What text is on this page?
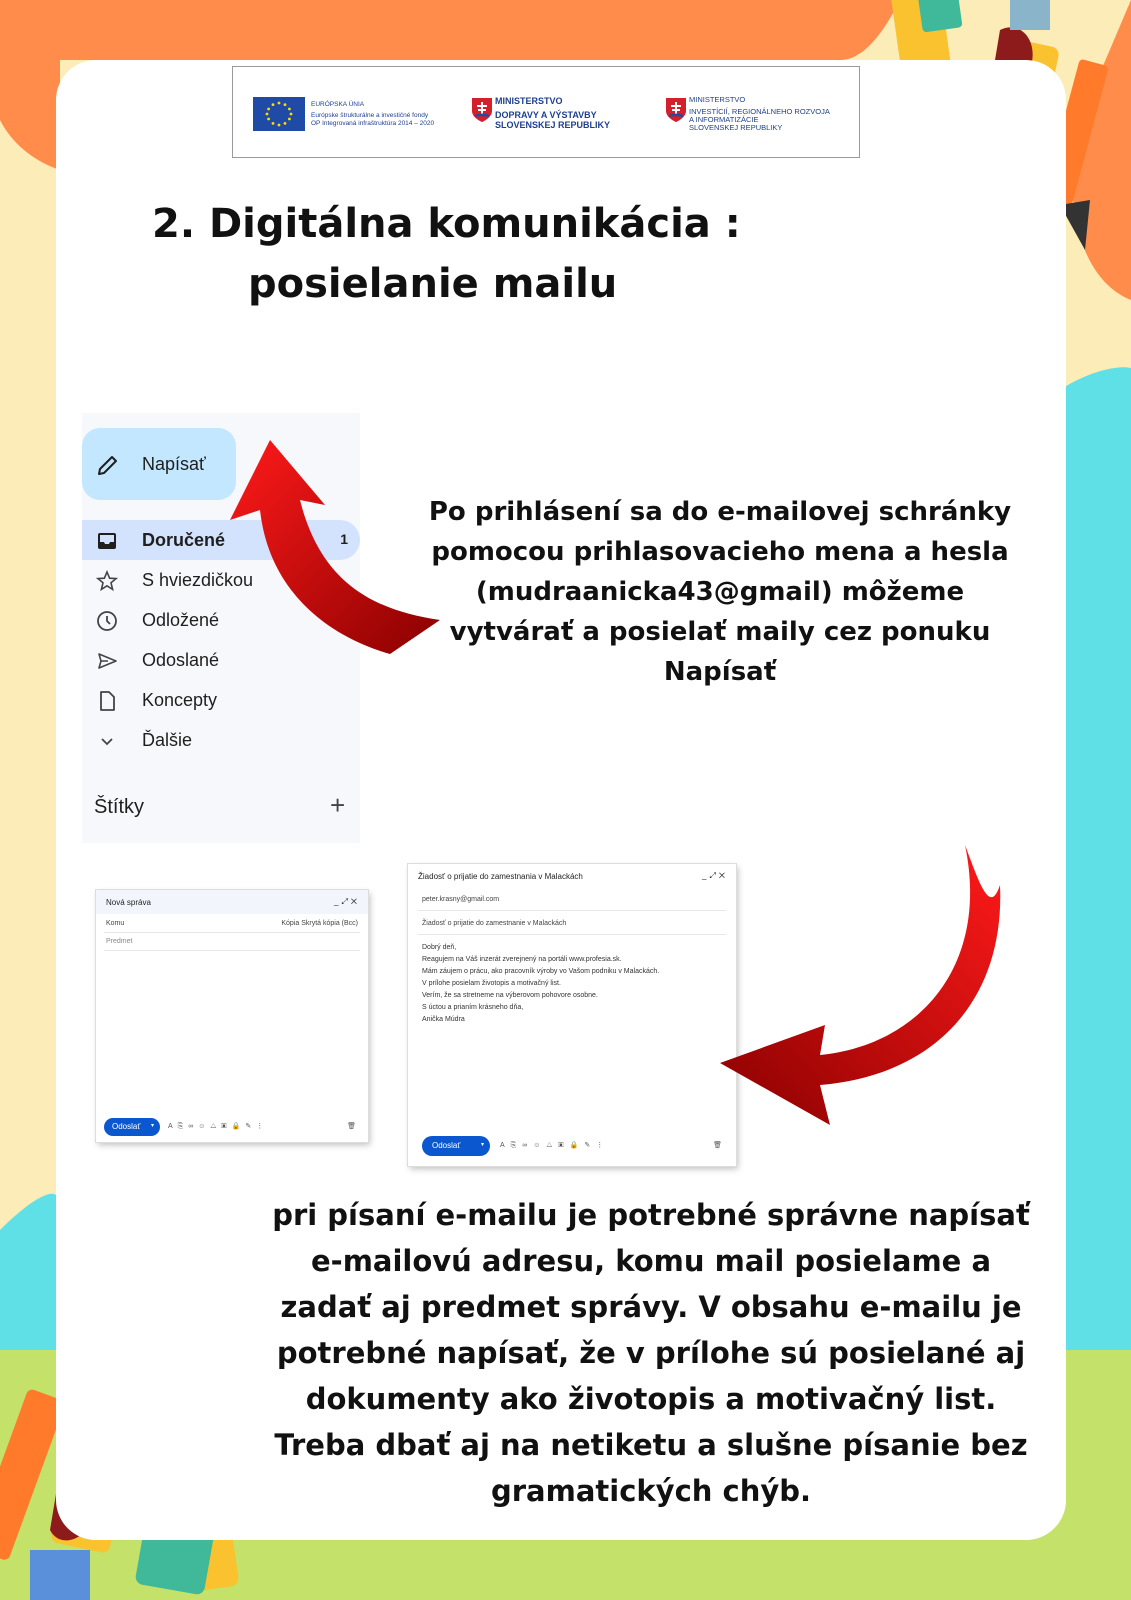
EURÓPSKA ÚNIA
Európske štrukturálne a investičné fondy
OP Integrovaná infraštruktúra 2014 – 2020
MINISTERSTVO
DOPRAVY A VÝSTAVBY
SLOVENSKEJ REPUBLIKY
MINISTERSTVO
INVESTÍCIÍ, REGIONÁLNEHO ROZVOJA
A INFORMATIZÁCIE
SLOVENSKEJ REPUBLIKY
2. Digitálna komunikácia :
posielanie mailu
Napísať
Doručené	1
S hviezdičkou
Odložené
Odoslané
Koncepty
Ďalšie
Štítky	+
Po prihlásení sa do e-mailovej schránky
pomocou prihlasovacieho mena a hesla
(mudraanicka43@gmail) môžeme
vytvárať a posielať maily cez ponuku
Napísať
Nová správa	_⤢✕
Komu	Kópia Skrytá kópia (Bcc)
Predmet
Odoslať ▾ A⎘∞☺△▣🔒✎⋮	🗑
Žiadosť o prijatie do zamestnania v Malackách	_⤢✕
peter.krasny@gmail.com
Žiadosť o prijatie do zamestnanie v Malackách
Dobrý deň,
Reagujem na Váš inzerát zverejnený na portáli www.profesia.sk.
Mám záujem o prácu, ako pracovník výroby vo Vašom podniku v Malackách.
V prílohe posielam životopis a motivačný list.
Verím, že sa stretneme na výberovom pohovore osobne.
S úctou a prianím krásneho dňa,
Anička Múdra
Odoslať	▾ A⎘∞☺△▣🔒✎⋮	🗑
pri písaní e-mailu je potrebné správne napísať
e-mailovú adresu, komu mail posielame a
zadať aj predmet správy. V obsahu e-mailu je
potrebné napísať, že v prílohe sú posielané aj
dokumenty ako životopis a motivačný list.
Treba dbať aj na netiketu a slušne písanie bez
gramatických chýb.
